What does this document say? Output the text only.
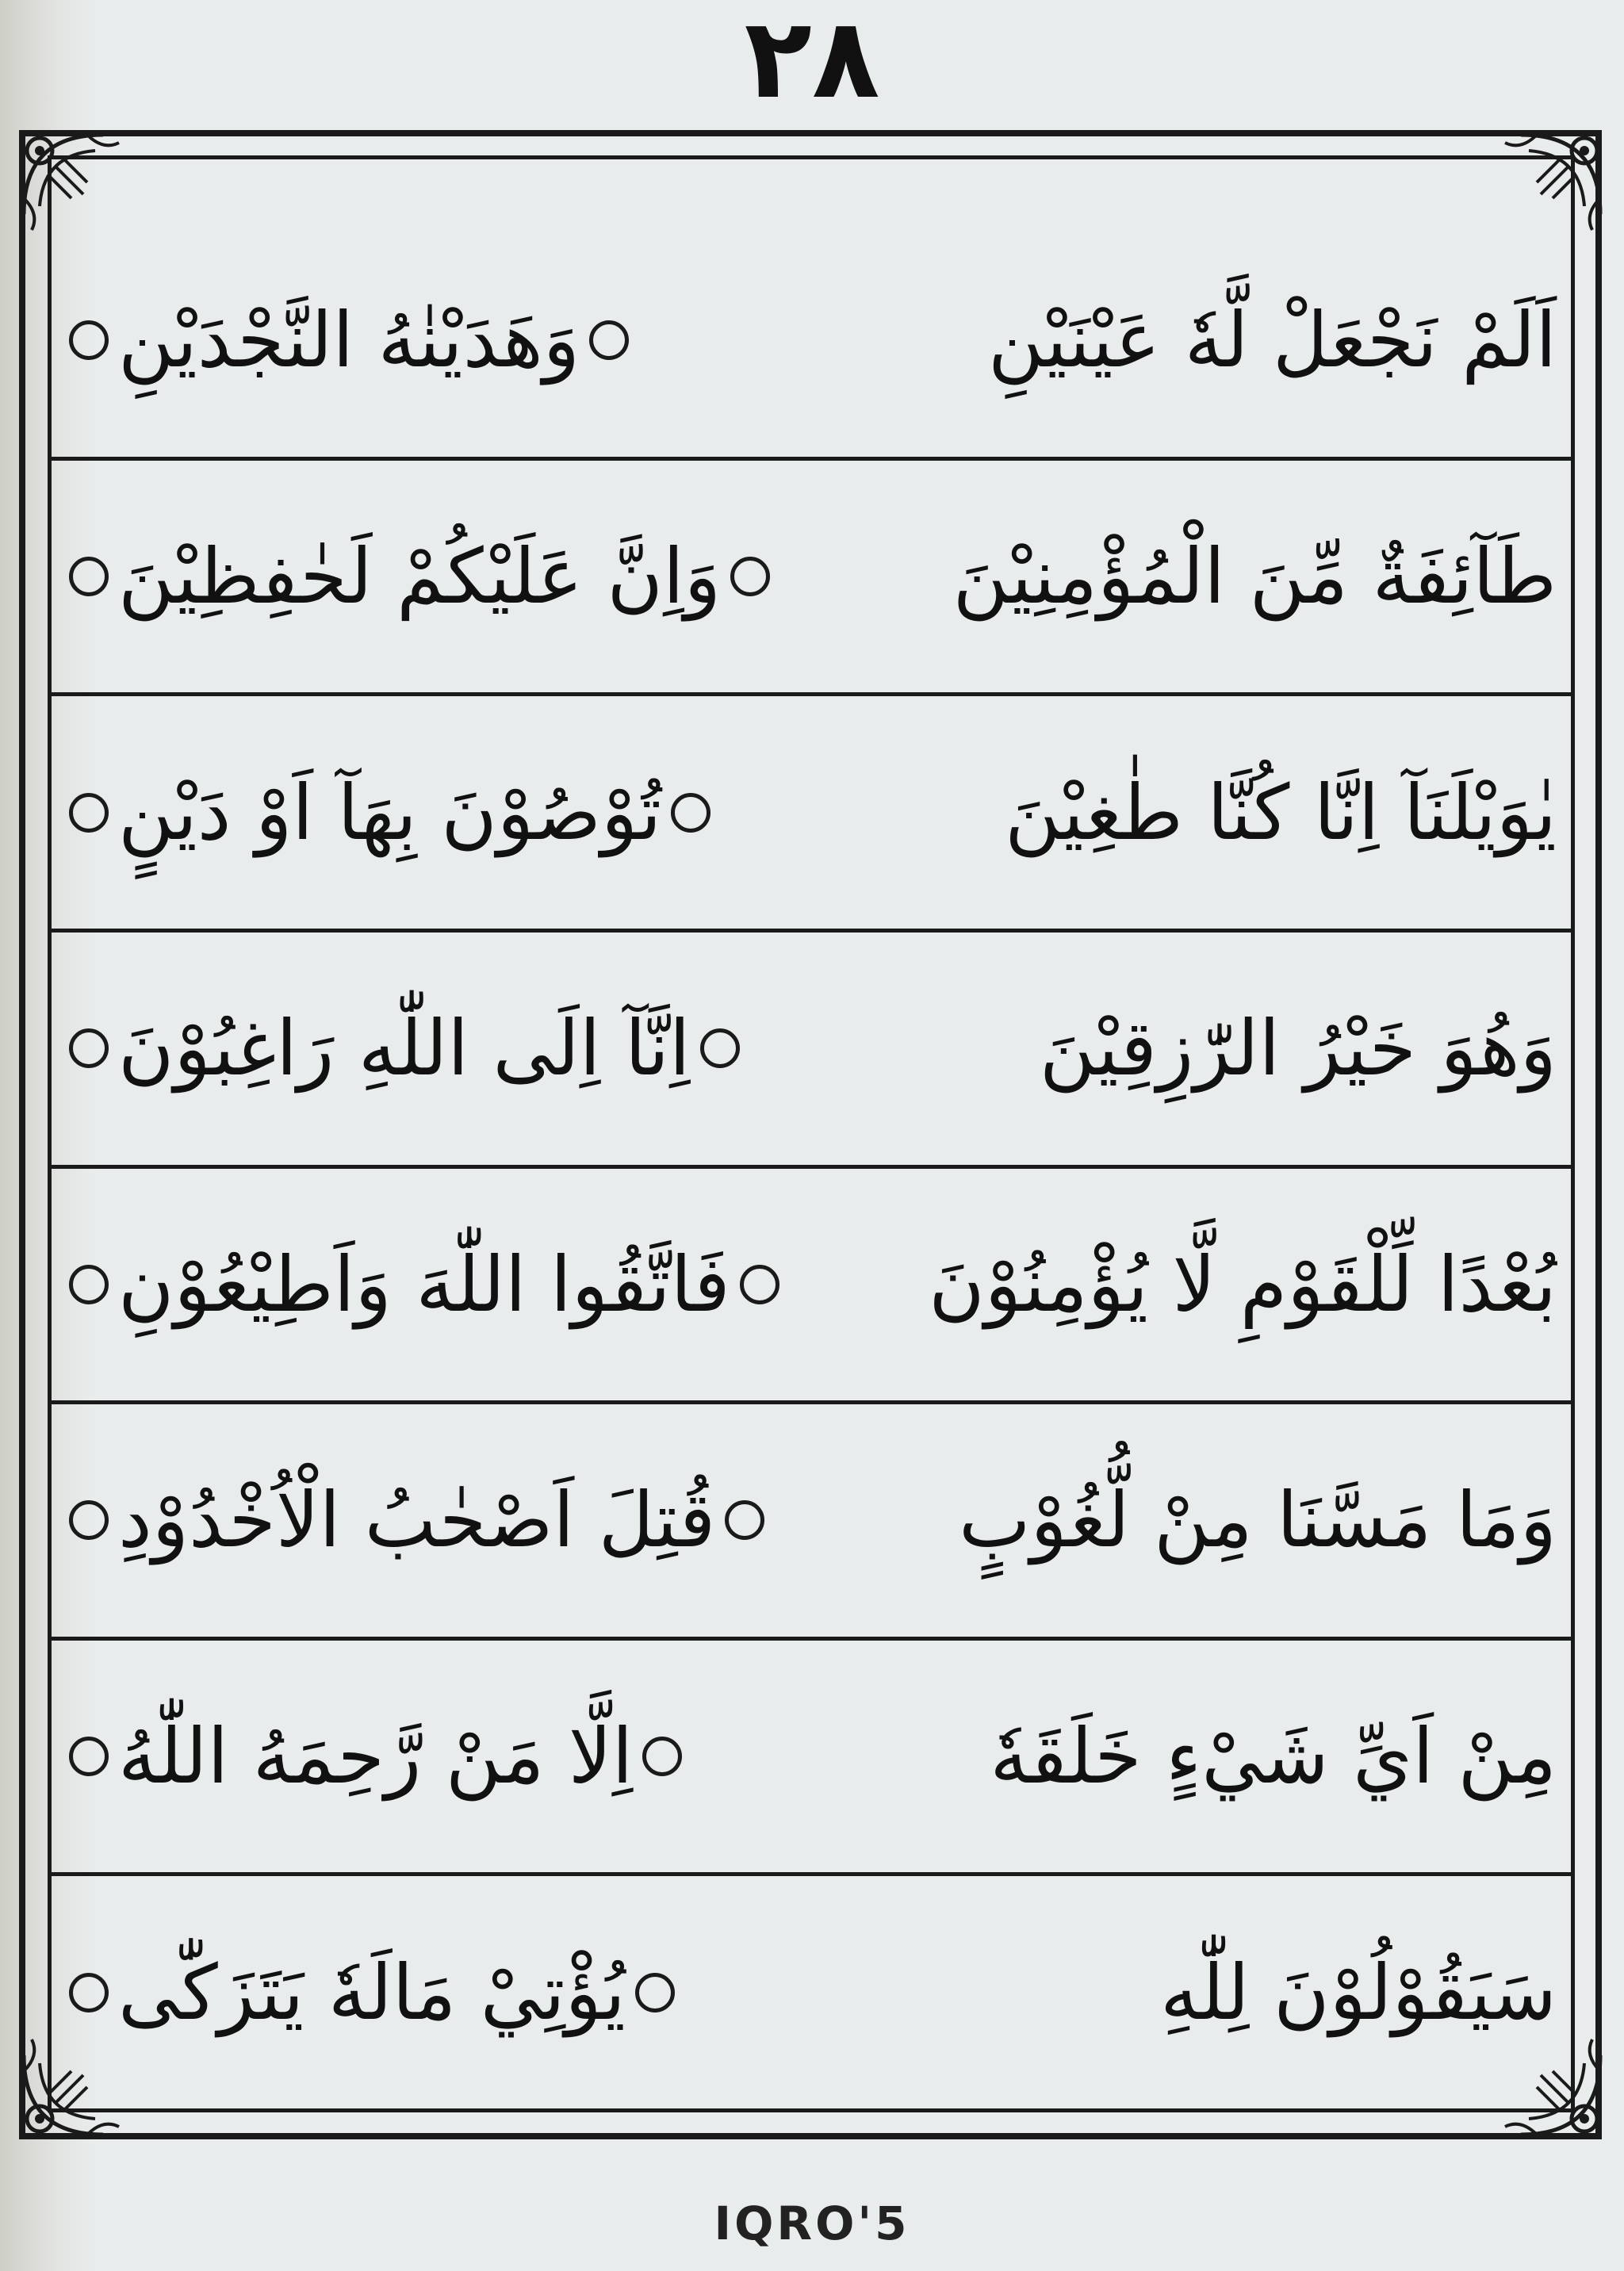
٢٨
اَلَمْ نَجْعَلْ لَّهٗ عَيْنَيْنِ
وَهَدَيْنٰهُ النَّجْدَيْنِ
طَآئِفَةٌ مِّنَ الْمُؤْمِنِيْنَ
وَاِنَّ عَلَيْكُمْ لَحٰفِظِيْنَ
يٰوَيْلَنَآ اِنَّا كُنَّا طٰغِيْنَ
تُوْصُوْنَ بِهَآ اَوْ دَيْنٍ
وَهُوَ خَيْرُ الرّٰزِقِيْنَ
اِنَّآ اِلَى اللّٰهِ رَاغِبُوْنَ
بُعْدًا لِّلْقَوْمِ لَّا يُؤْمِنُوْنَ
فَاتَّقُوا اللّٰهَ وَاَطِيْعُوْنِ
وَمَا مَسَّنَا مِنْ لُّغُوْبٍ
قُتِلَ اَصْحٰبُ الْاُخْدُوْدِ
مِنْ اَيِّ شَيْءٍ خَلَقَهٗ
اِلَّا مَنْ رَّحِمَهُ اللّٰهُ
سَيَقُوْلُوْنَ لِلّٰهِ
يُؤْتِيْ مَالَهٗ يَتَزَكّٰى
IQRO'5
